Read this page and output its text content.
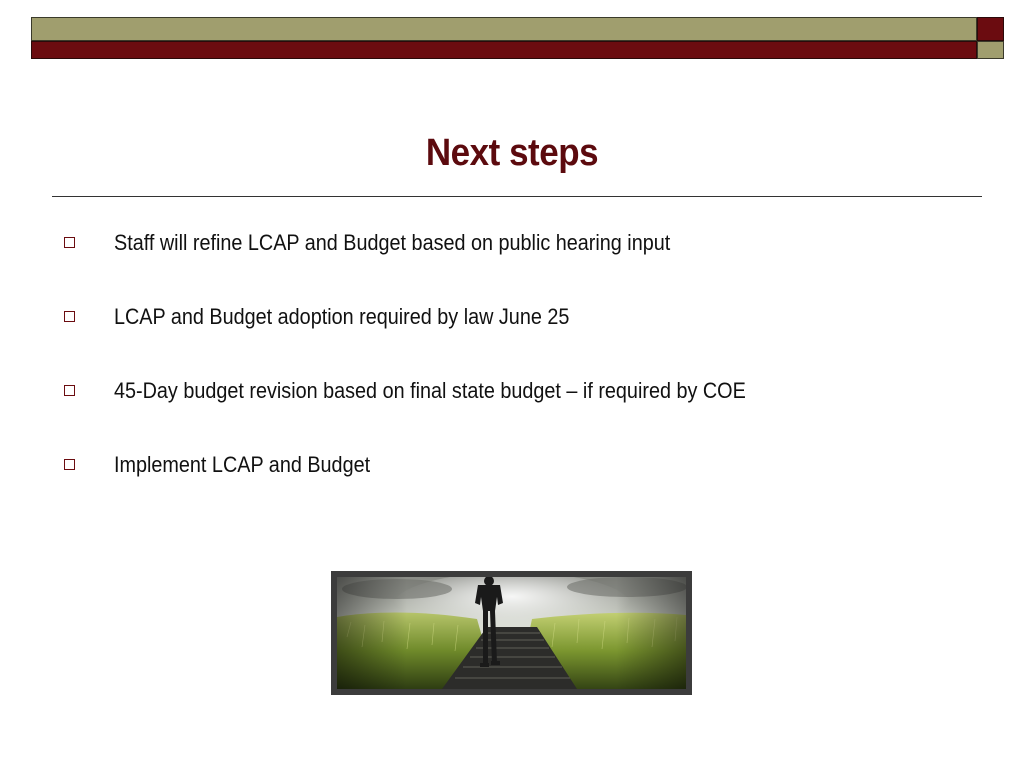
Next steps
Staff will refine LCAP and Budget based on public hearing input
LCAP and Budget adoption required by law June 25
45-Day budget revision based on final state budget – if required by COE
Implement LCAP and Budget
